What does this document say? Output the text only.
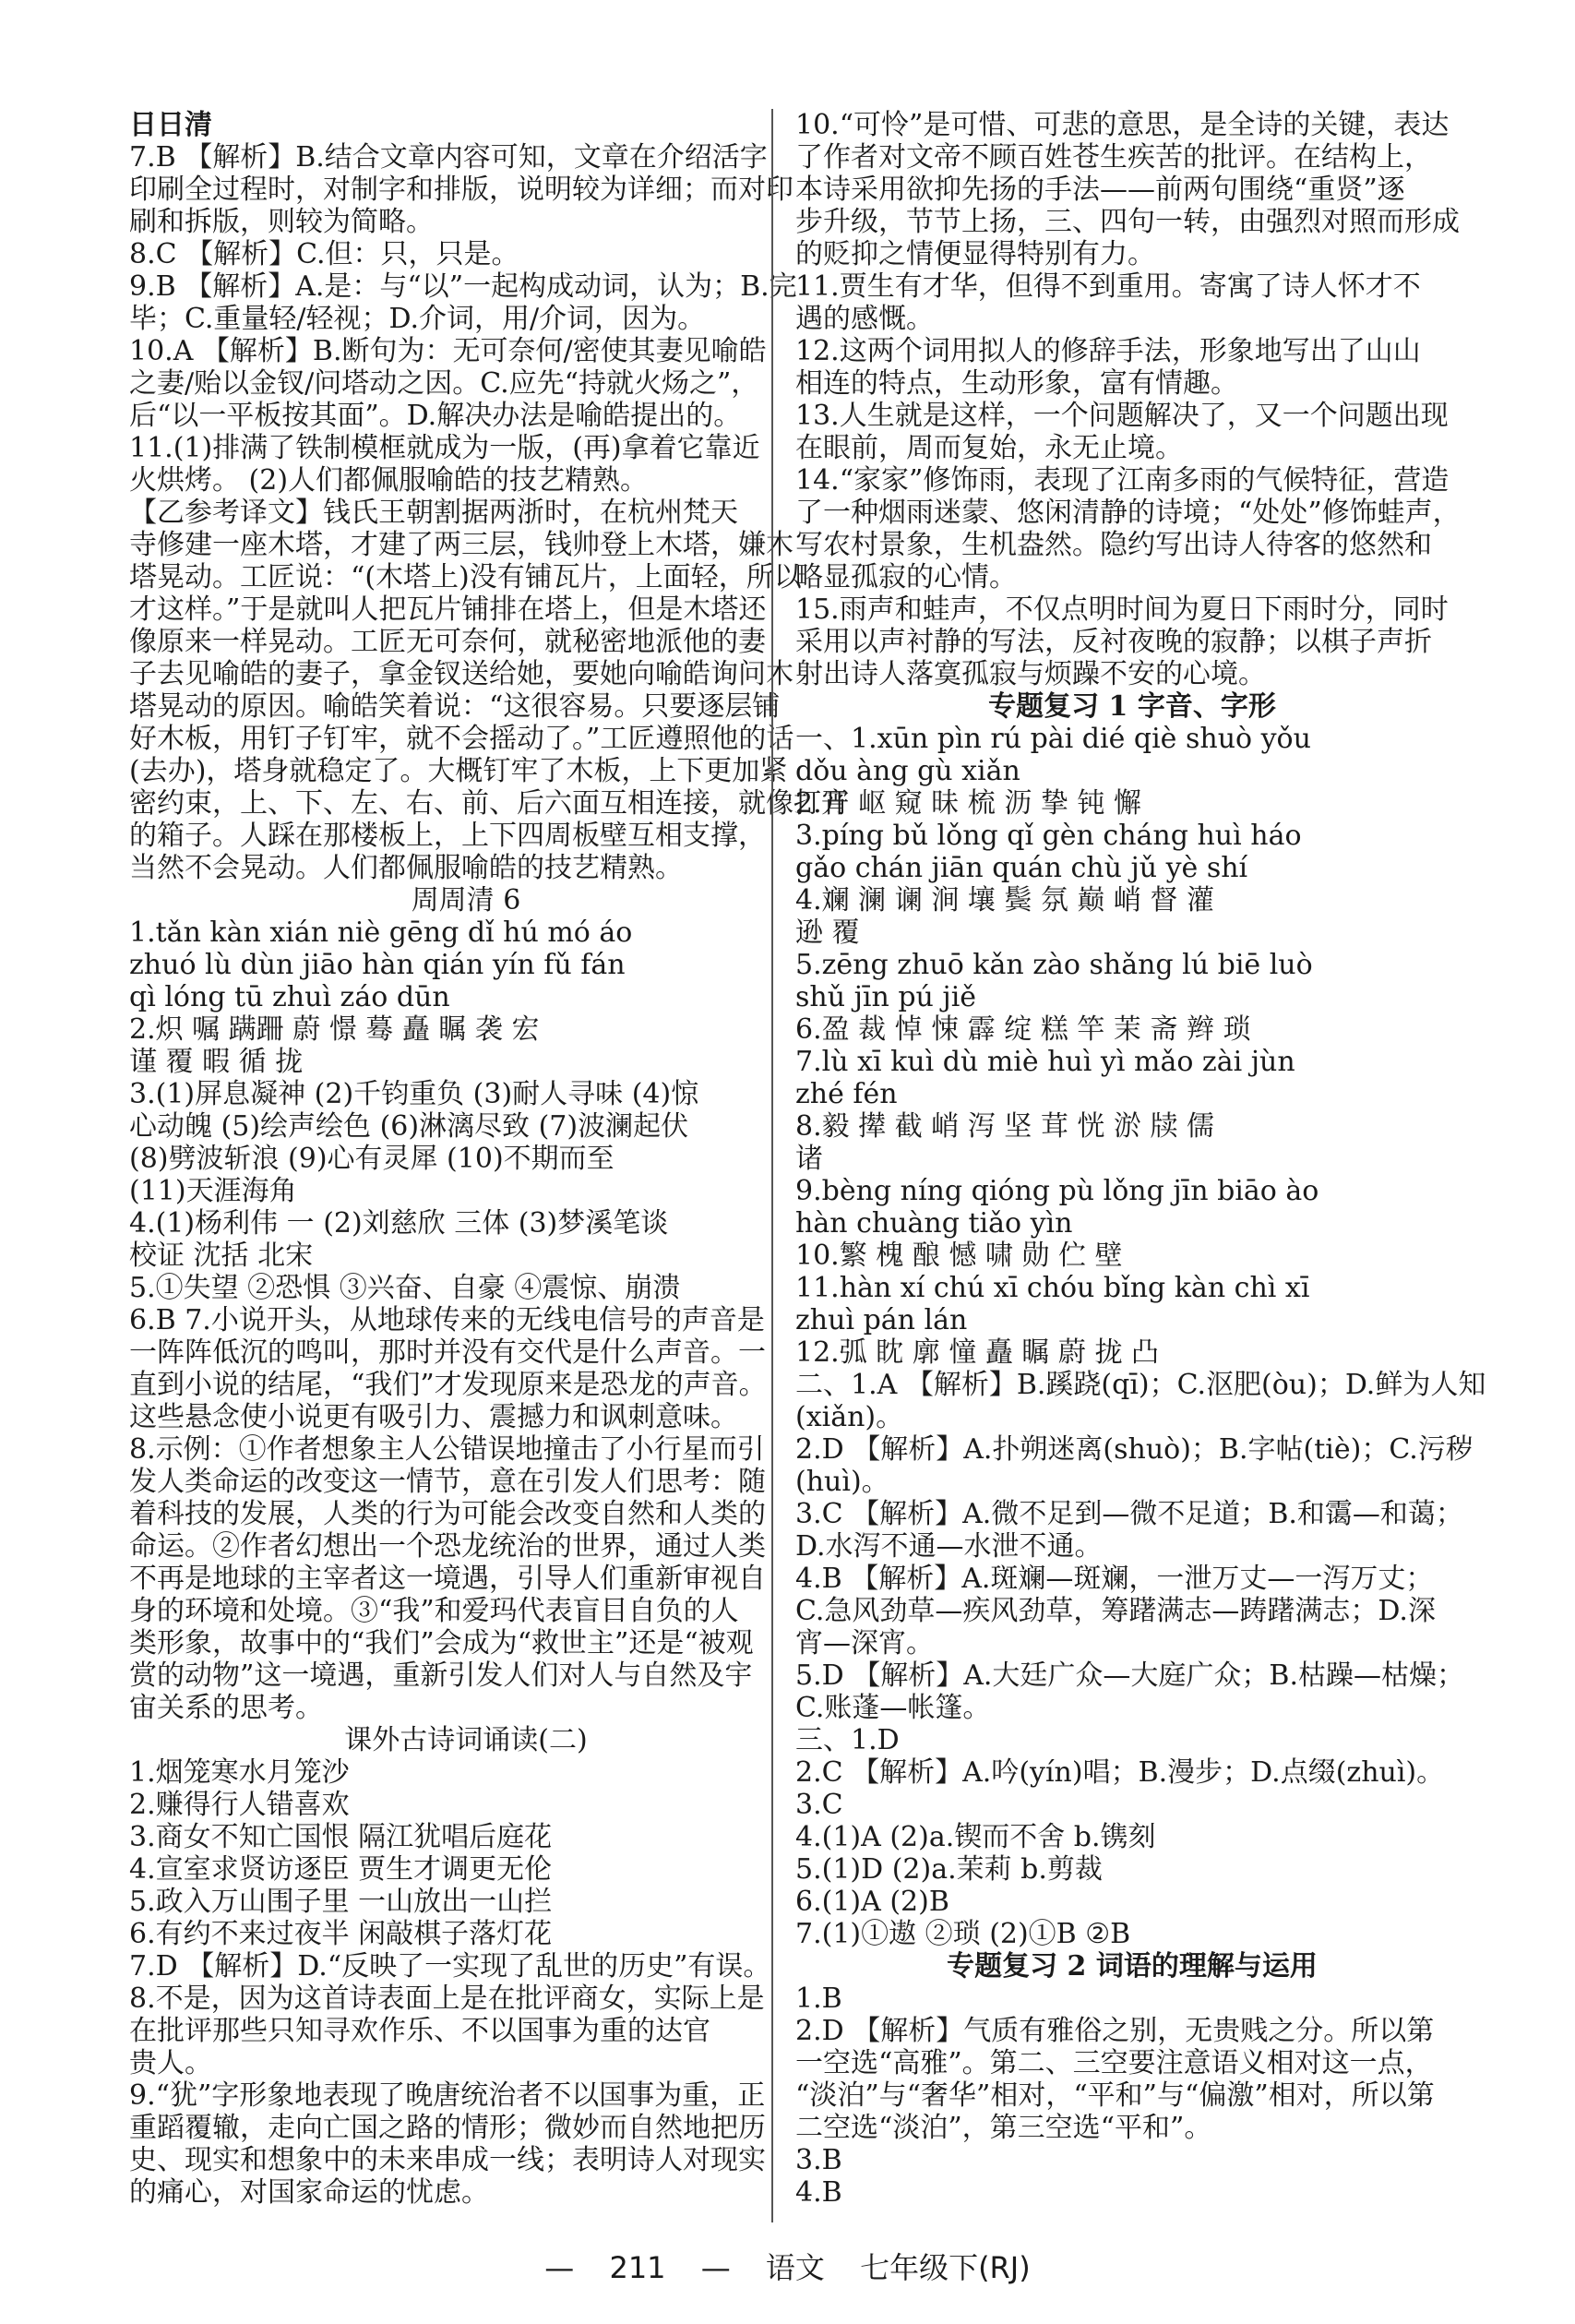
日日清
7.B 【解析】B.结合文章内容可知，文章在介绍活字
印刷全过程时，对制字和排版，说明较为详细；而对印
刷和拆版，则较为简略。
8.C 【解析】C.但：只，只是。
9.B 【解析】A.是：与“以”一起构成动词，认为；B.完
毕；C.重量轻/轻视；D.介词，用/介词，因为。
10.A 【解析】B.断句为：无可奈何/密使其妻见喻皓
之妻/贻以金钗/问塔动之因。C.应先“持就火炀之”，
后“以一平板按其面”。D.解决办法是喻皓提出的。
11.(1)排满了铁制模框就成为一版，(再)拿着它靠近
火烘烤。 (2)人们都佩服喻皓的技艺精熟。
【乙参考译文】钱氏王朝割据两浙时，在杭州梵天
寺修建一座木塔，才建了两三层，钱帅登上木塔，嫌木
塔晃动。工匠说：“(木塔上)没有铺瓦片，上面轻，所以
才这样。”于是就叫人把瓦片铺排在塔上，但是木塔还
像原来一样晃动。工匠无可奈何，就秘密地派他的妻
子去见喻皓的妻子，拿金钗送给她，要她向喻皓询问木
塔晃动的原因。喻皓笑着说：“这很容易。只要逐层铺
好木板，用钉子钉牢，就不会摇动了。”工匠遵照他的话
(去办)，塔身就稳定了。大概钉牢了木板，上下更加紧
密约束，上、下、左、右、前、后六面互相连接，就像打开
的箱子。人踩在那楼板上，上下四周板壁互相支撑，
当然不会晃动。人们都佩服喻皓的技艺精熟。
周周清 6
1.tǎn kàn xián niè gēng dǐ hú mó áo
zhuó lù dùn jiāo hàn qián yín fǔ fán
qì lóng tū zhuì záo dūn
2.炽 嘱 蹒跚 蔚 憬 蓦 矗 瞩 袭 宏
谨 覆 暇 循 拢
3.(1)屏息凝神 (2)千钧重负 (3)耐人寻味 (4)惊
心动魄 (5)绘声绘色 (6)淋漓尽致 (7)波澜起伏
(8)劈波斩浪 (9)心有灵犀 (10)不期而至
(11)天涯海角
4.(1)杨利伟 一 (2)刘慈欣 三体 (3)梦溪笔谈
校证 沈括 北宋
5.①失望 ②恐惧 ③兴奋、自豪 ④震惊、崩溃
6.B 7.小说开头，从地球传来的无线电信号的声音是
一阵阵低沉的鸣叫，那时并没有交代是什么声音。一
直到小说的结尾，“我们”才发现原来是恐龙的声音。
这些悬念使小说更有吸引力、震撼力和讽刺意味。
8.示例：①作者想象主人公错误地撞击了小行星而引
发人类命运的改变这一情节，意在引发人们思考：随
着科技的发展，人类的行为可能会改变自然和人类的
命运。②作者幻想出一个恐龙统治的世界，通过人类
不再是地球的主宰者这一境遇，引导人们重新审视自
身的环境和处境。③“我”和爱玛代表盲目自负的人
类形象，故事中的“我们”会成为“救世主”还是“被观
赏的动物”这一境遇，重新引发人们对人与自然及宇
宙关系的思考。
课外古诗词诵读(二)
1.烟笼寒水月笼沙
2.赚得行人错喜欢
3.商女不知亡国恨 隔江犹唱后庭花
4.宣室求贤访逐臣 贾生才调更无伦
5.政入万山围子里 一山放出一山拦
6.有约不来过夜半 闲敲棋子落灯花
7.D 【解析】D.“反映了一实现了乱世的历史”有误。
8.不是，因为这首诗表面上是在批评商女，实际上是
在批评那些只知寻欢作乐、不以国事为重的达官
贵人。
9.“犹”字形象地表现了晚唐统治者不以国事为重，正
重蹈覆辙，走向亡国之路的情形；微妙而自然地把历
史、现实和想象中的未来串成一线；表明诗人对现实
的痛心，对国家命运的忧虑。
10.“可怜”是可惜、可悲的意思，是全诗的关键，表达
了作者对文帝不顾百姓苍生疾苦的批评。在结构上，
本诗采用欲抑先扬的手法——前两句围绕“重贤”逐
步升级，节节上扬，三、四句一转，由强烈对照而形成
的贬抑之情便显得特别有力。
11.贾生有才华，但得不到重用。寄寓了诗人怀才不
遇的感慨。
12.这两个词用拟人的修辞手法，形象地写出了山山
相连的特点，生动形象，富有情趣。
13.人生就是这样，一个问题解决了，又一个问题出现
在眼前，周而复始，永无止境。
14.“家家”修饰雨，表现了江南多雨的气候特征，营造
了一种烟雨迷蒙、悠闲清静的诗境；“处处”修饰蛙声，
写农村景象，生机盎然。隐约写出诗人待客的悠然和
略显孤寂的心情。
15.雨声和蛙声，不仅点明时间为夏日下雨时分，同时
采用以声衬静的写法，反衬夜晚的寂静；以棋子声折
射出诗人落寞孤寂与烦躁不安的心境。
专题复习 1 字音、字形
一、1.xūn pìn rú pài dié qiè shuò yǒu
dǒu àng gù xiǎn
2.宵 岖 窥 昧 梳 沥 挚 钝 懈
3.píng bǔ lǒng qǐ gèn cháng huì háo
gǎo chán jiān quán chù jǔ yè shí
4.斓 澜 谰 涧 壤 鬓 氛 巅 峭 督 灌
逊 覆
5.zēng zhuō kǎn zào shǎng lú biē luò
shǔ jīn pú jiě
6.盈 裁 悼 悚 霹 绽 糕 竿 茉 斋 辫 琐
7.lù xī kuì dù miè huì yì mǎo zài jùn
zhé fén
8.毅 撵 截 峭 泻 坚 茸 恍 淤 牍 儒
诸
9.bèng níng qióng pù lǒng jīn biāo ào
hàn chuàng tiǎo yìn
10.繁 槐 酿 憾 啸 勋 伫 壁
11.hàn xí chú xī chóu bǐng kàn chì xī
zhuì pán lán
12.弧 眈 廓 憧 矗 瞩 蔚 拢 凸
二、1.A 【解析】B.蹊跷(qī)；C.沤肥(òu)；D.鲜为人知
(xiǎn)。
2.D 【解析】A.扑朔迷离(shuò)；B.字帖(tiè)；C.污秽
(huì)。
3.C 【解析】A.微不足到—微不足道；B.和霭—和蔼；
D.水泻不通—水泄不通。
4.B 【解析】A.斑斓—斑斓，一泄万丈—一泻万丈；
C.急风劲草—疾风劲草，筹躇满志—踌躇满志；D.深
宵—深宵。
5.D 【解析】A.大廷广众—大庭广众；B.枯躁—枯燥；
C.账蓬—帐篷。
三、1.D
2.C 【解析】A.吟(yín)唱；B.漫步；D.点缀(zhuì)。
3.C
4.(1)A (2)a.锲而不舍 b.镌刻
5.(1)D (2)a.茉莉 b.剪裁
6.(1)A (2)B
7.(1)①遨 ②琐 (2)①B ②B
专题复习 2 词语的理解与运用
1.B
2.D 【解析】气质有雅俗之别，无贵贱之分。所以第
一空选“高雅”。第二、三空要注意语义相对这一点，
“淡泊”与“奢华”相对，“平和”与“偏激”相对，所以第
二空选“淡泊”，第三空选“平和”。
3.B
4.B
— 211 — 语文 七年级下(RJ)
